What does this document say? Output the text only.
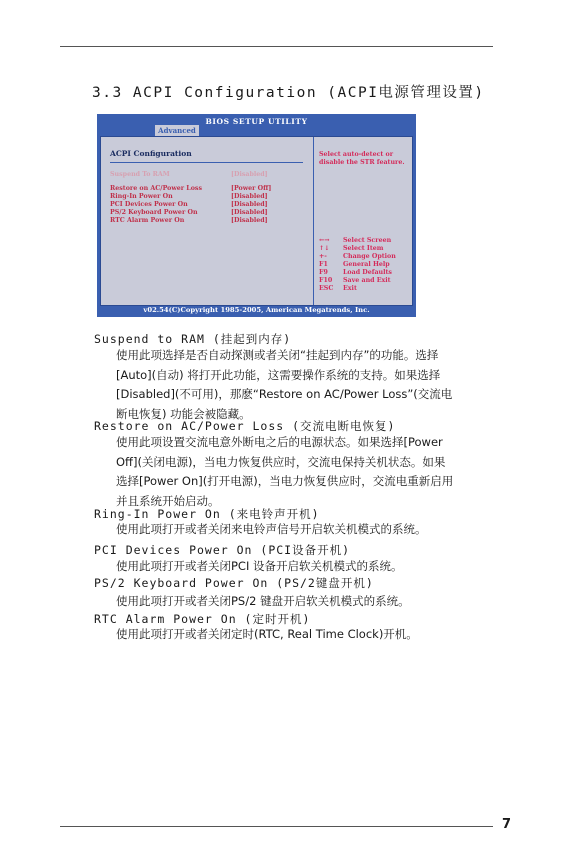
3.3 ACPI Configuration (ACPI电源管理设置)
BIOS SETUP UTILITY
Advanced
ACPI Configuration
Suspend To RAM	[Disabled]
Restore on AC/Power Loss	[Power Off]
Ring-In Power On	[Disabled]
PCI Devices Power On	[Disabled]
PS/2 Keyboard Power On	[Disabled]
RTC Alarm Power On	[Disabled]
Select auto-detect or disable the STR feature.
←→ Select Screen
↑↓ Select Item
+-	Change Option
F1 General Help
F9 Load Defaults
F10 Save and Exit
ESC Exit
v02.54(C)Copyright 1985-2005, American Megatrends, Inc.
Suspend to RAM (挂起到内存)
使用此项选择是否自动探测或者关闭“挂起到内存”的功能。选择
[Auto](自动) 将打开此功能，这需要操作系统的支持。如果选择
[Disabled](不可用)，那麽“Restore on AC/Power Loss”(交流电
断电恢复) 功能会被隐藏。
Restore on AC/Power Loss (交流电断电恢复)
使用此项设置交流电意外断电之后的电源状态。如果选择[Power
Off](关闭电源)，当电力恢复供应时，交流电保持关机状态。如果
选择[Power On](打开电源)，当电力恢复供应时，交流电重新启用
并且系统开始启动。
Ring-In Power On (来电铃声开机)
使用此项打开或者关闭来电铃声信号开启软关机模式的系统。
PCI Devices Power On (PCI设备开机)
使用此项打开或者关闭PCI 设备开启软关机模式的系统。
PS/2 Keyboard Power On (PS/2键盘开机)
使用此项打开或者关闭PS/2 键盘开启软关机模式的系统。
RTC Alarm Power On (定时开机)
使用此项打开或者关闭定时(RTC, Real Time Clock)开机。
7
